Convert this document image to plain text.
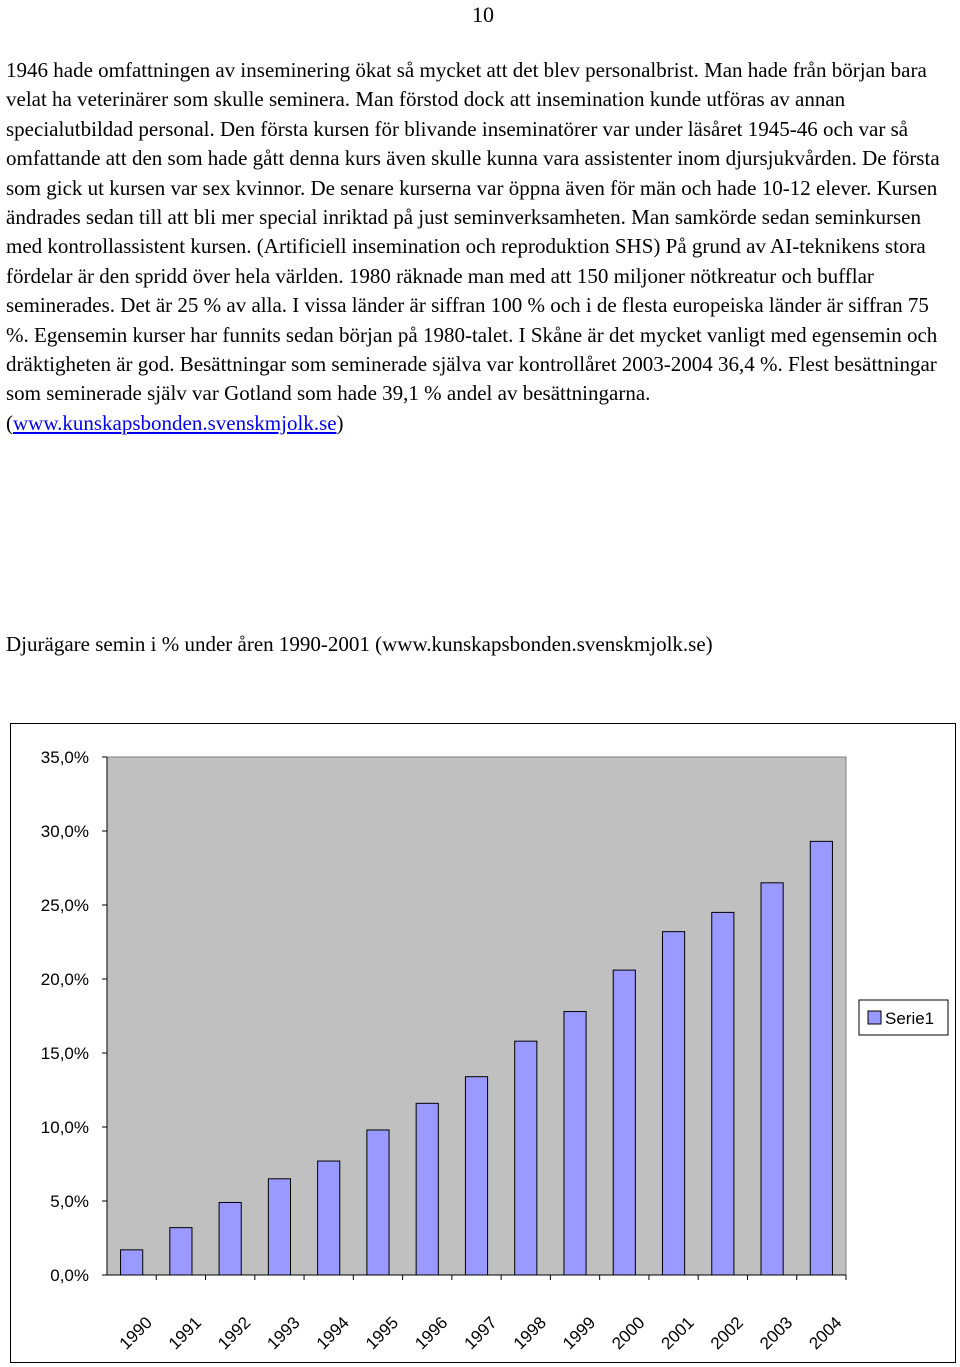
10

1946 hade omfattningen av inseminering ökat så mycket att det blev personalbrist. Man hade från början bara velat ha veterinärer som skulle seminera. Man förstod dock att insemination kunde utföras av annan specialutbildad personal. Den första kursen för blivande inseminatörer var under läsåret 1945-46 och var så omfattande att den som hade gått denna kurs även skulle kunna vara assistenter inom djursjukvården. De första som gick ut kursen var sex kvinnor. De senare kurserna var öppna även för män och hade 10-12 elever. Kursen ändrades sedan till att bli mer special inriktad på just seminverksamheten. Man samkörde sedan seminkursen med kontrollassistent kursen. (Artificiell insemination och reproduktion SHS) På grund av AI-teknikens stora fördelar är den spridd över hela världen. 1980 räknade man med att 150 miljoner nötkreatur och bufflar seminerades. Det är 25 % av alla. I vissa länder är siffran 100 % och i de flesta europeiska länder är siffran 75 %. Egensemin kurser har funnits sedan början på 1980-talet. I Skåne är det mycket vanligt med egensemin och dräktigheten är god. Besättningar som seminerade själva var kontrollåret 2003-2004 36,4 %. Flest besättningar som seminerade själv var Gotland som hade 39,1 % andel av besättningarna. (www.kunskapsbonden.svenskmjolk.se)

Djurägare semin i % under åren 1990-2001 (www.kunskapsbonden.svenskmjolk.se)
0,0%
5,0%
10,0%
15,0%
20,0%
25,0%
30,0%
35,0%
1990 1991 1992 1993 1994 1995 1996 1997 1998 1999 2000 2001 2002 2003 2004
Serie1
